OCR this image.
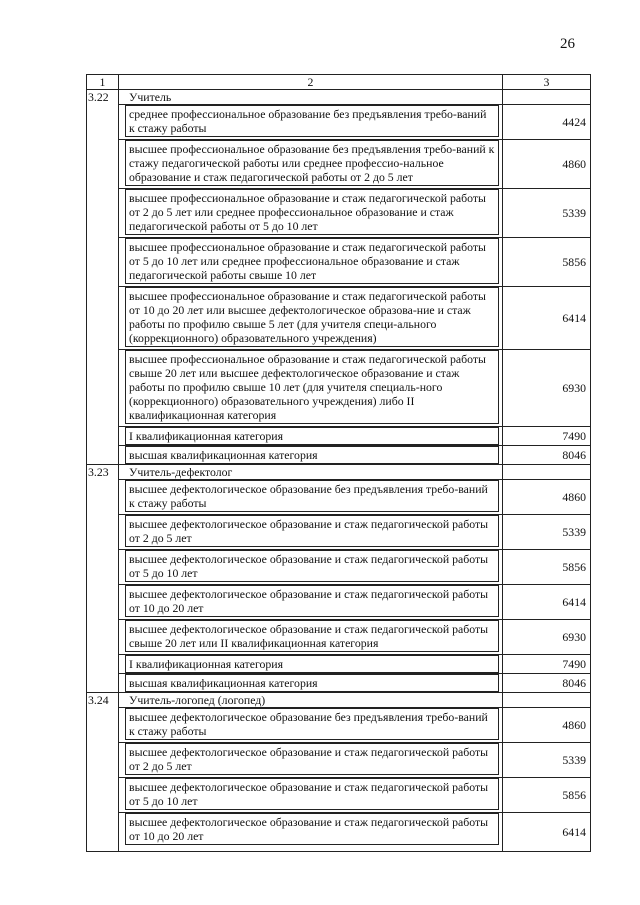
26
1	2	3
3.22	Учитель	

	среднее профессиональное образование без предъявления требо-ваний к стажу работы	4424

	высшее профессиональное образование без предъявления требо-ваний к стажу педагогической работы или среднее профессио-нальное образование и стаж педагогической работы от 2 до 5 лет	4860

	высшее профессиональное образование и стаж педагогической работы от 2 до 5 лет или среднее профессиональное образование и стаж педагогической работы от 5 до 10 лет	5339

	высшее профессиональное образование и стаж педагогической работы от 5 до 10 лет или среднее профессиональное образование и стаж педагогической работы свыше 10 лет	5856

	высшее профессиональное образование и стаж педагогической работы от 10 до 20 лет или высшее дефектологическое образова-ние и стаж работы по профилю свыше 5 лет (для учителя специ-ального (коррекционного) образовательного учреждения)	6414

	высшее профессиональное образование и стаж педагогической работы свыше 20 лет или высшее дефектологическое образование и стаж работы по профилю свыше 10 лет (для учителя специаль-ного (коррекционного) образовательного учреждения) либо II квалификационная категория	6930

	I квалификационная категория	7490

	высшая квалификационная категория	8046
3.23	Учитель-дефектолог	

	высшее дефектологическое образование без предъявления требо-ваний к стажу работы	4860

	высшее дефектологическое образование и стаж педагогической работы от 2 до 5 лет	5339

	высшее дефектологическое образование и стаж педагогической работы от 5 до 10 лет	5856

	высшее дефектологическое образование и стаж педагогической работы от 10 до 20 лет	6414

	высшее дефектологическое образование и стаж педагогической работы свыше 20 лет или II квалификационная категория	6930

	I квалификационная категория	7490

	высшая квалификационная категория	8046
3.24	Учитель-логопед (логопед)	

	высшее дефектологическое образование без предъявления требо-ваний к стажу работы	4860

	высшее дефектологическое образование и стаж педагогической работы от 2 до 5 лет	5339

	высшее дефектологическое образование и стаж педагогической работы от 5 до 10 лет	5856

	высшее дефектологическое образование и стаж педагогической работы от 10 до 20 лет	6414
